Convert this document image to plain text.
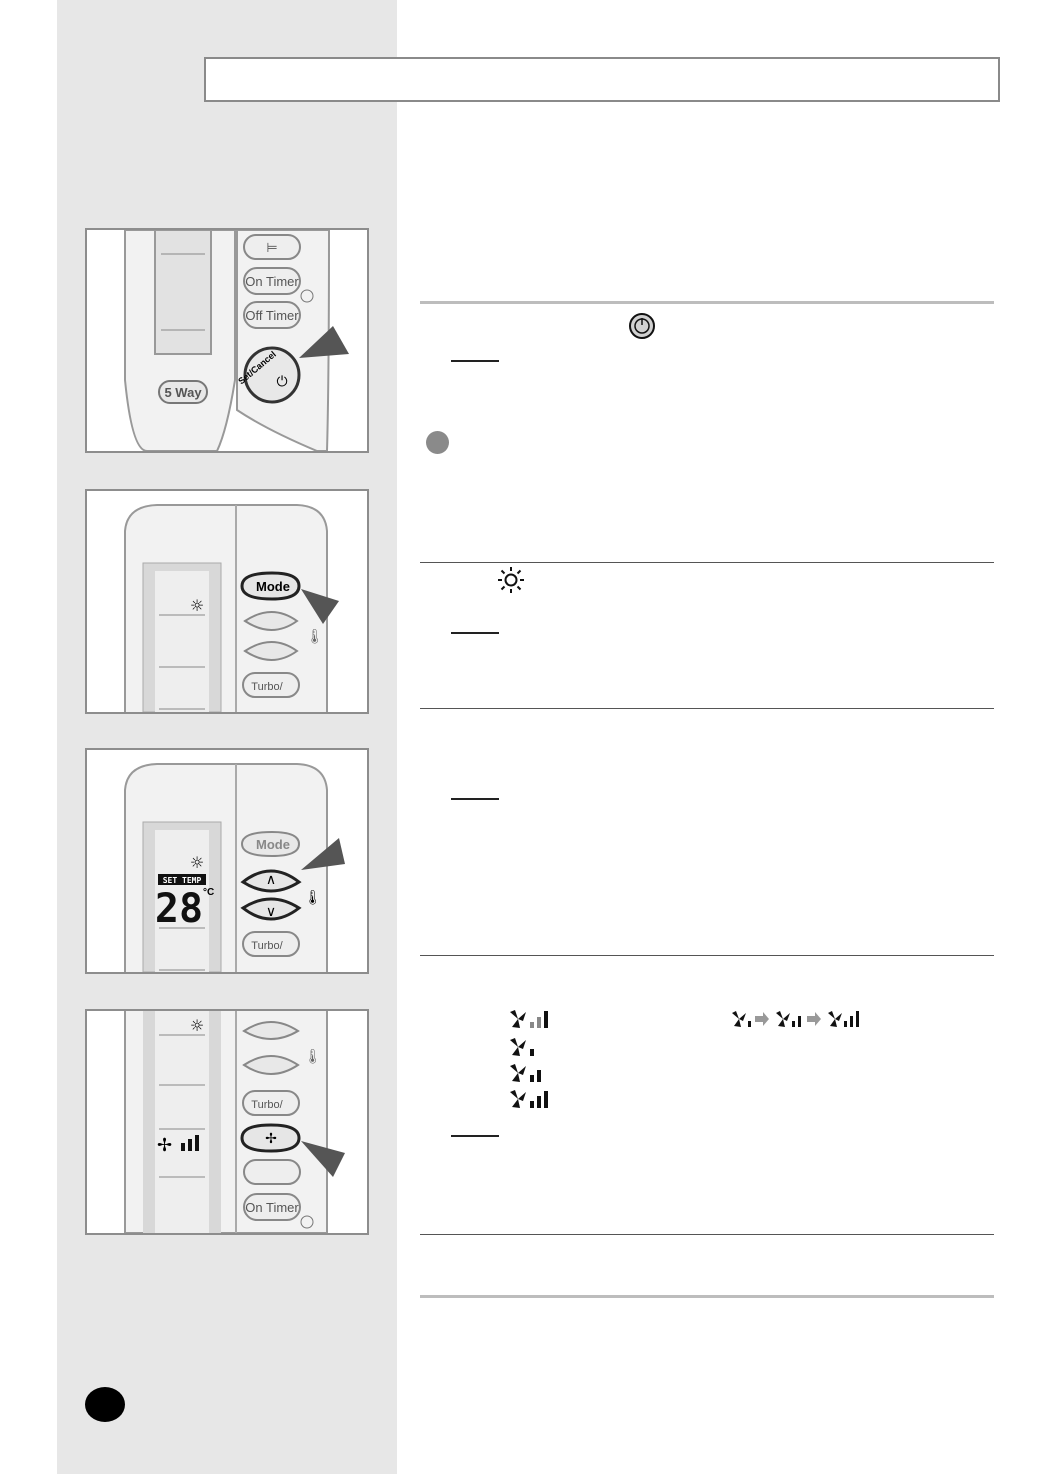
5 Way
⊨
On Timer
Off Timer
Set/Cancel
⏻
☼
Mode
🌡
Turbo/
☼
SET TEMP
28 °C
Mode
∧
∨
🌡
Turbo/
☼
✢
🌡
Turbo/
✢
On Timer
